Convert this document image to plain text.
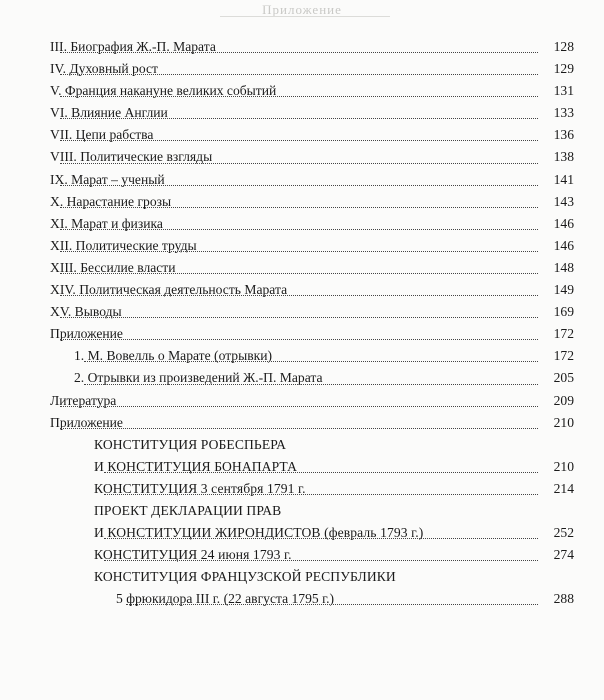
Приложение
III. Биография Ж.-П. Марата	128
IV. Духовный рост	129
V. Франция накануне великих событий	131
VI. Влияние Англии	133
VII. Цепи рабства	136
VIII. Политические взгляды	138
IX. Марат – ученый	141
X. Нарастание грозы	143
XI. Марат и физика	146
XII. Политические труды	146
XIII. Бессилие власти	148
XIV. Политическая деятельность Марата	149
XV. Выводы	169
Приложение	172
1. М. Вовелль о Марате (отрывки)	172
2. Отрывки из произведений Ж.-П. Марата	205
Литература	209
Приложение	210
КОНСТИТУЦИЯ РОБЕСПЬЕРА
И КОНСТИТУЦИЯ БОНАПАРТА	210
КОНСТИТУЦИЯ 3 сентября 1791 г.	214
ПРОЕКТ ДЕКЛАРАЦИИ ПРАВ
И КОНСТИТУЦИИ ЖИРОНДИСТОВ (февраль 1793 г.)	252
КОНСТИТУЦИЯ 24 июня 1793 г.	274
КОНСТИТУЦИЯ ФРАНЦУЗСКОЙ РЕСПУБЛИКИ
5 фрюкидора III г. (22 августа 1795 г.)	288
